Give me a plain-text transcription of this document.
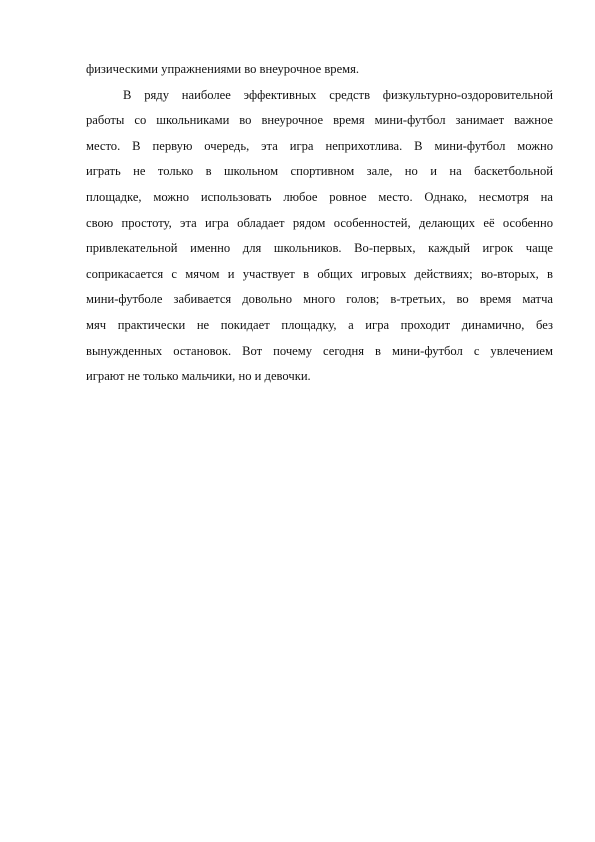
физическими упражнениями во внеурочное время.
В ряду наиболее эффективных средств физкультурно-оздоровительной
работы со школьниками во внеурочное время мини-футбол занимает важное
место. В первую очередь, эта игра неприхотлива. В мини-футбол можно
играть не только в школьном спортивном зале, но и на баскетбольной
площадке, можно использовать любое ровное место. Однако, несмотря на
свою простоту, эта игра обладает рядом особенностей, делающих её особенно
привлекательной именно для школьников. Во-первых, каждый игрок чаще
соприкасается с мячом и участвует в общих игровых действиях; во-вторых, в
мини-футболе забивается довольно много голов; в-третьих, во время матча
мяч практически не покидает площадку, а игра проходит динамично, без
вынужденных остановок. Вот почему сегодня в мини-футбол с увлечением
играют не только мальчики, но и девочки.
